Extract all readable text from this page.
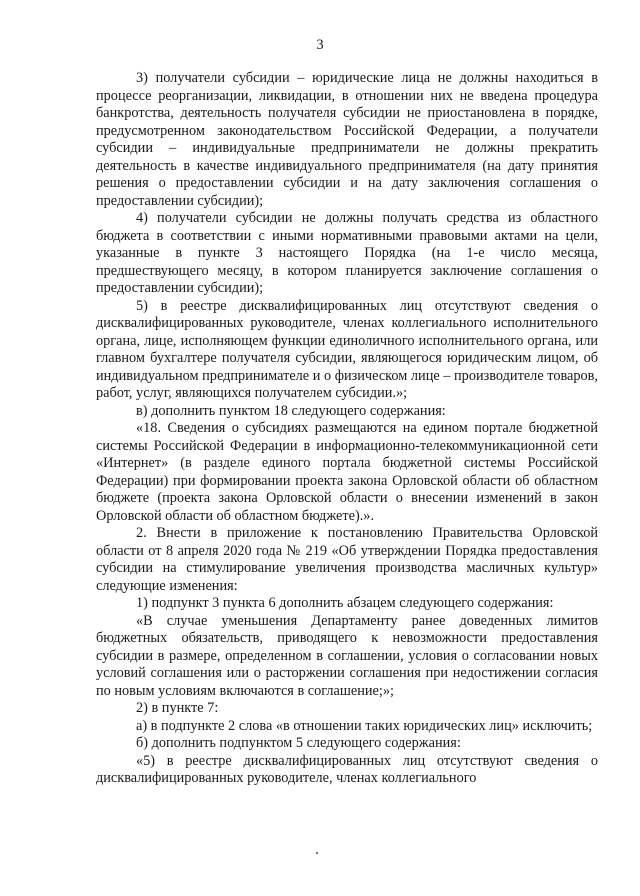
3

3) получатели субсидии – юридические лица не должны находиться в процессе реорганизации, ликвидации, в отношении них не введена процедура банкротства, деятельность получателя субсидии не приостановлена в порядке, предусмотренном законодательством Российской Федерации, а получатели субсидии – индивидуальные предприниматели не должны прекратить деятельность в качестве индивидуального предпринимателя (на дату принятия решения о предоставлении субсидии и на дату заключения соглашения о предоставлении субсидии);

4) получатели субсидии не должны получать средства из областного бюджета в соответствии с иными нормативными правовыми актами на цели, указанные в пункте 3 настоящего Порядка (на 1-е число месяца, предшествующего месяцу, в котором планируется заключение соглашения о предоставлении субсидии);

5) в реестре дисквалифицированных лиц отсутствуют сведения о дисквалифицированных руководителе, членах коллегиального исполнительного органа, лице, исполняющем функции единоличного исполнительного органа, или главном бухгалтере получателя субсидии, являющегося юридическим лицом, об индивидуальном предпринимателе и о физическом лице – производителе товаров, работ, услуг, являющихся получателем субсидии.»;

в) дополнить пунктом 18 следующего содержания:

«18. Сведения о субсидиях размещаются на едином портале бюджетной системы Российской Федерации в информационно-телекоммуникационной сети «Интернет» (в разделе единого портала бюджетной системы Российской Федерации) при формировании проекта закона Орловской области об областном бюджете (проекта закона Орловской области о внесении изменений в закон Орловской области об областном бюджете).».

2. Внести в приложение к постановлению Правительства Орловской области от 8 апреля 2020 года № 219 «Об утверждении Порядка предоставления субсидии на стимулирование увеличения производства масличных культур» следующие изменения:

1) подпункт 3 пункта 6 дополнить абзацем следующего содержания:

«В случае уменьшения Департаменту ранее доведенных лимитов бюджетных обязательств, приводящего к невозможности предоставления субсидии в размере, определенном в соглашении, условия о согласовании новых условий соглашения или о расторжении соглашения при недостижении согласия по новым условиям включаются в соглашение;»;

2) в пункте 7:

а) в подпункте 2 слова «в отношении таких юридических лиц» исключить;

б) дополнить подпунктом 5 следующего содержания:

«5) в реестре дисквалифицированных лиц отсутствуют сведения о дисквалифицированных руководителе, членах коллегиального
